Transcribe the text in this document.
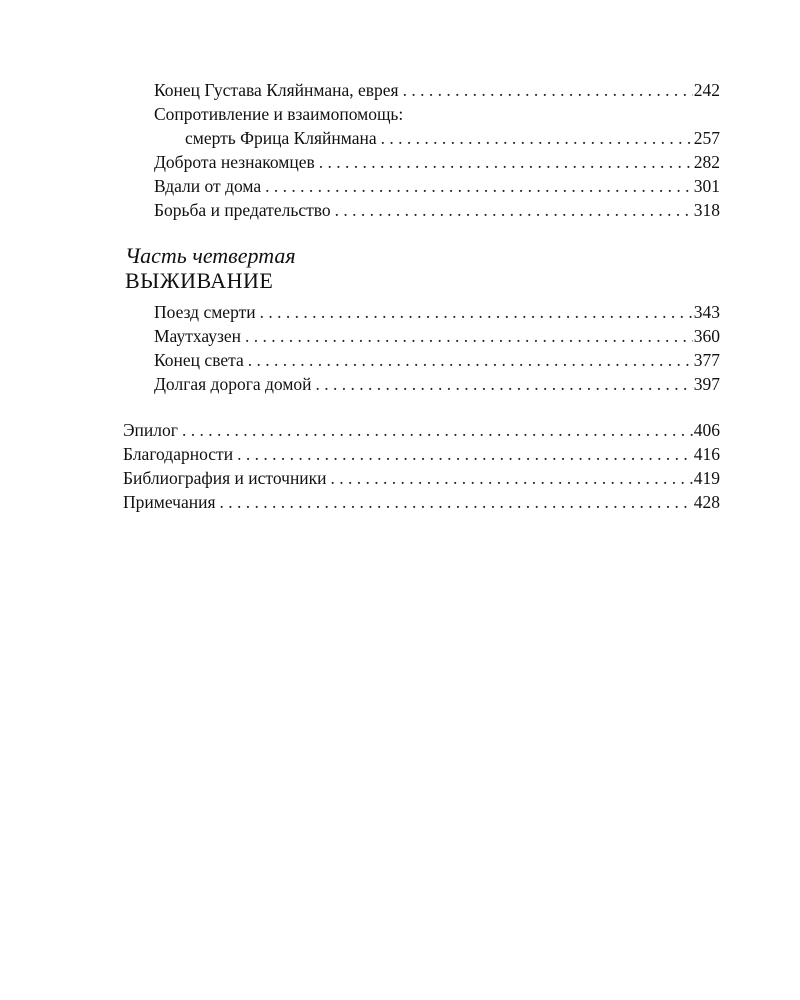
Конец Густава Кляйнмана, еврея . . .	242
Сопротивление и взаимопомощь:
смерть Фрица Кляйнмана . . .	257
Доброта незнакомцев . . .	282
Вдали от дома . . .	301
Борьба и предательство . . .	318
Часть четвертая
ВЫЖИВАНИЕ
Поезд смерти . . .	343
Маутхаузен . . .	360
Конец света . . .	377
Долгая дорога домой . . .	397
Эпилог . . .	406
Благодарности . . .	416
Библиография и источники . . .	419
Примечания . . .	428
